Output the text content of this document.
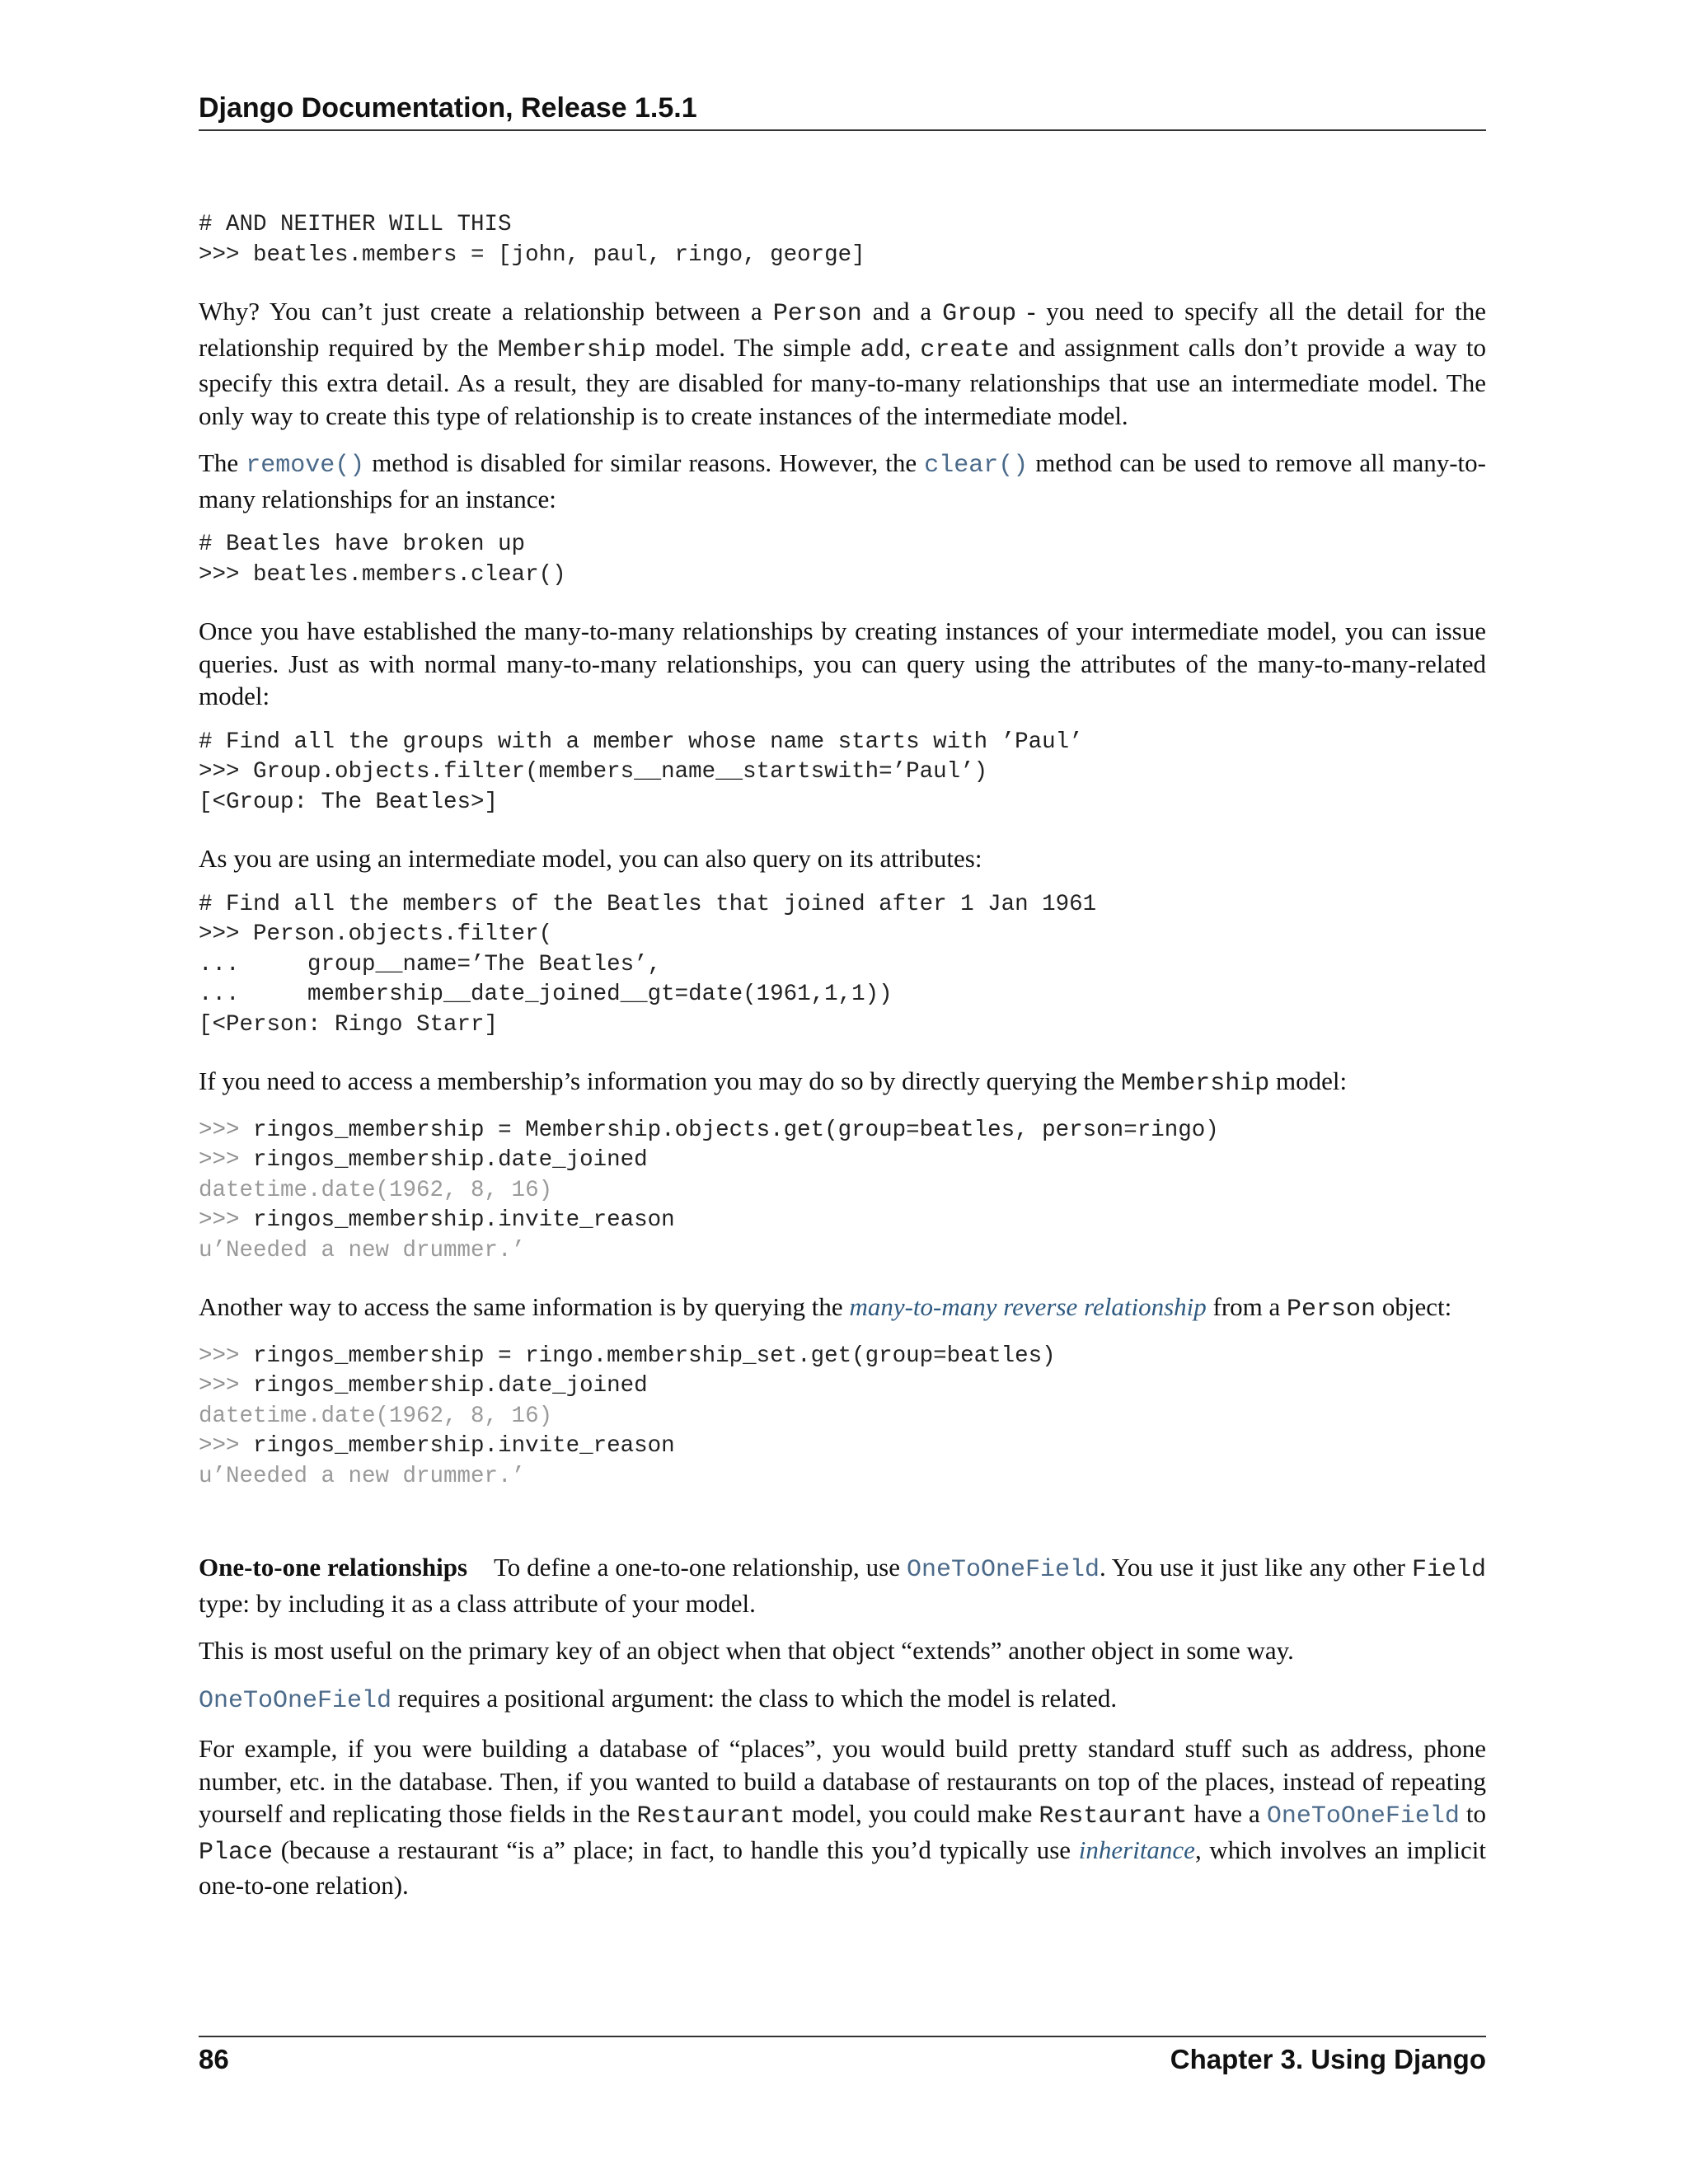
Django Documentation, Release 1.5.1
# AND NEITHER WILL THIS
>>> beatles.members = [john, paul, ringo, george]

Why? You can’t just create a relationship between a Person and a Group - you need to specify all the detail for the relationship required by the Membership model. The simple add, create and assignment calls don’t provide a way to specify this extra detail. As a result, they are disabled for many-to-many relationships that use an intermediate model. The only way to create this type of relationship is to create instances of the intermediate model.

The remove() method is disabled for similar reasons. However, the clear() method can be used to remove all many-to-many relationships for an instance:

# Beatles have broken up
>>> beatles.members.clear()

Once you have established the many-to-many relationships by creating instances of your intermediate model, you can issue queries. Just as with normal many-to-many relationships, you can query using the attributes of the many-to-many-related model:

# Find all the groups with a member whose name starts with ’Paul’
>>> Group.objects.filter(members__name__startswith=’Paul’)
[<Group: The Beatles>]

As you are using an intermediate model, you can also query on its attributes:

# Find all the members of the Beatles that joined after 1 Jan 1961
>>> Person.objects.filter(
...     group__name=’The Beatles’,
...     membership__date_joined__gt=date(1961,1,1))
[<Person: Ringo Starr]

If you need to access a membership’s information you may do so by directly querying the Membership model:

>>> ringos_membership = Membership.objects.get(group=beatles, person=ringo)
>>> ringos_membership.date_joined
datetime.date(1962, 8, 16)
>>> ringos_membership.invite_reason
u’Needed a new drummer.’

Another way to access the same information is by querying the many-to-many reverse relationship from a Person object:

>>> ringos_membership = ringo.membership_set.get(group=beatles)
>>> ringos_membership.date_joined
datetime.date(1962, 8, 16)
>>> ringos_membership.invite_reason
u’Needed a new drummer.’

One-to-one relationships To define a one-to-one relationship, use OneToOneField. You use it just like any other Field type: by including it as a class attribute of your model.

This is most useful on the primary key of an object when that object “extends” another object in some way.

OneToOneField requires a positional argument: the class to which the model is related.

For example, if you were building a database of “places”, you would build pretty standard stuff such as address, phone number, etc. in the database. Then, if you wanted to build a database of restaurants on top of the places, instead of repeating yourself and replicating those fields in the Restaurant model, you could make Restaurant have a OneToOneField to Place (because a restaurant “is a” place; in fact, to handle this you’d typically use inheritance, which involves an implicit one-to-one relation).

86	Chapter 3. Using Django
